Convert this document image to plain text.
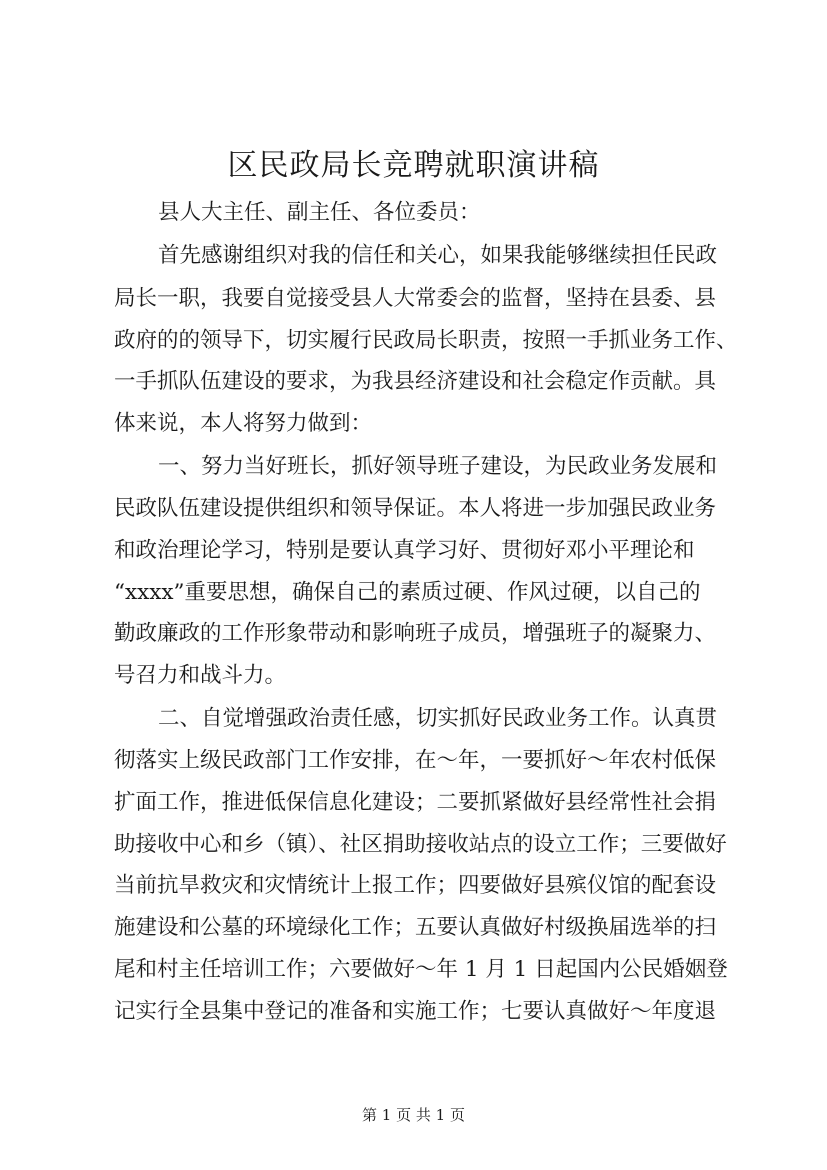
区民政局长竞聘就职演讲稿

县人大主任、副主任、各位委员：

首先感谢组织对我的信任和关心，如果我能够继续担任民政

局长一职，我要自觉接受县人大常委会的监督，坚持在县委、县

政府的的领导下，切实履行民政局长职责，按照一手抓业务工作、

一手抓队伍建设的要求，为我县经济建设和社会稳定作贡献。具

体来说，本人将努力做到：

一、努力当好班长，抓好领导班子建设，为民政业务发展和

民政队伍建设提供组织和领导保证。本人将进一步加强民政业务

和政治理论学习，特别是要认真学习好、贯彻好邓小平理论和

“xxxx”重要思想，确保自己的素质过硬、作风过硬，以自己的

勤政廉政的工作形象带动和影响班子成员，增强班子的凝聚力、

号召力和战斗力。

二、自觉增强政治责任感，切实抓好民政业务工作。认真贯

彻落实上级民政部门工作安排，在～年，一要抓好～年农村低保

扩面工作，推进低保信息化建设；二要抓紧做好县经常性社会捐

助接收中心和乡（镇）、社区捐助接收站点的设立工作；三要做好

当前抗旱救灾和灾情统计上报工作；四要做好县殡仪馆的配套设

施建设和公墓的环境绿化工作；五要认真做好村级换届选举的扫

尾和村主任培训工作；六要做好～年 1 月 1 日起国内公民婚姻登

记实行全县集中登记的准备和实施工作；七要认真做好～年度退

第 1 页 共 1 页
